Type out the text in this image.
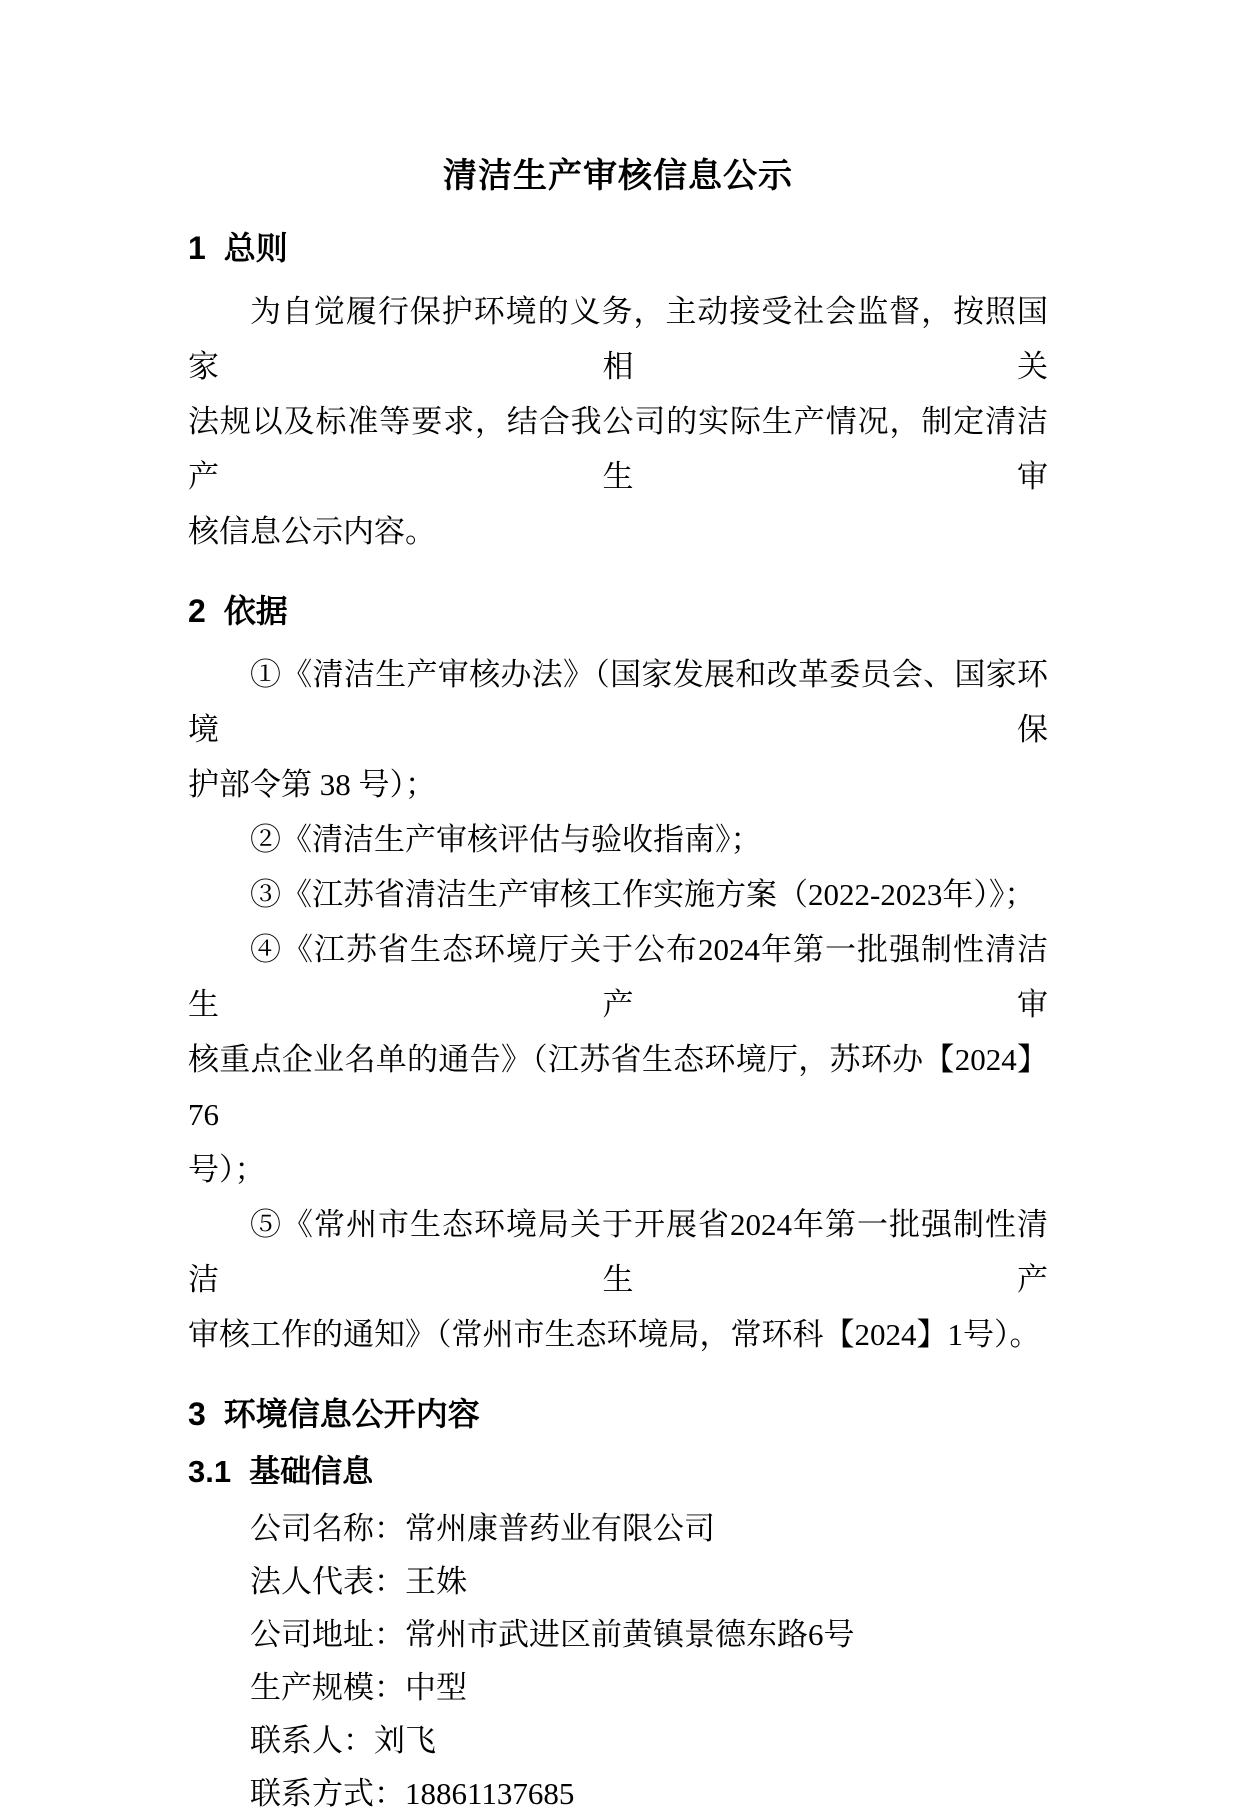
清洁生产审核信息公示
1 总则
为自觉履行保护环境的义务，主动接受社会监督，按照国家相关
法规以及标准等要求，结合我公司的实际生产情况，制定清洁产生审
核信息公示内容。
2 依据
①《清洁生产审核办法》（国家发展和改革委员会、国家环境保
护部令第 38 号）；
②《清洁生产审核评估与验收指南》；
③《江苏省清洁生产审核工作实施方案（2022-2023年）》；
④《江苏省生态环境厅关于公布2024年第一批强制性清洁生产审
核重点企业名单的通告》（江苏省生态环境厅，苏环办【2024】76
号）；
⑤《常州市生态环境局关于开展省2024年第一批强制性清洁生产
审核工作的通知》（常州市生态环境局，常环科【2024】1号）。
3 环境信息公开内容
3.1 基础信息
公司名称：常州康普药业有限公司
法人代表：王姝
公司地址：常州市武进区前黄镇景德东路6号
生产规模：中型
联系人：刘飞
联系方式：18861137685
